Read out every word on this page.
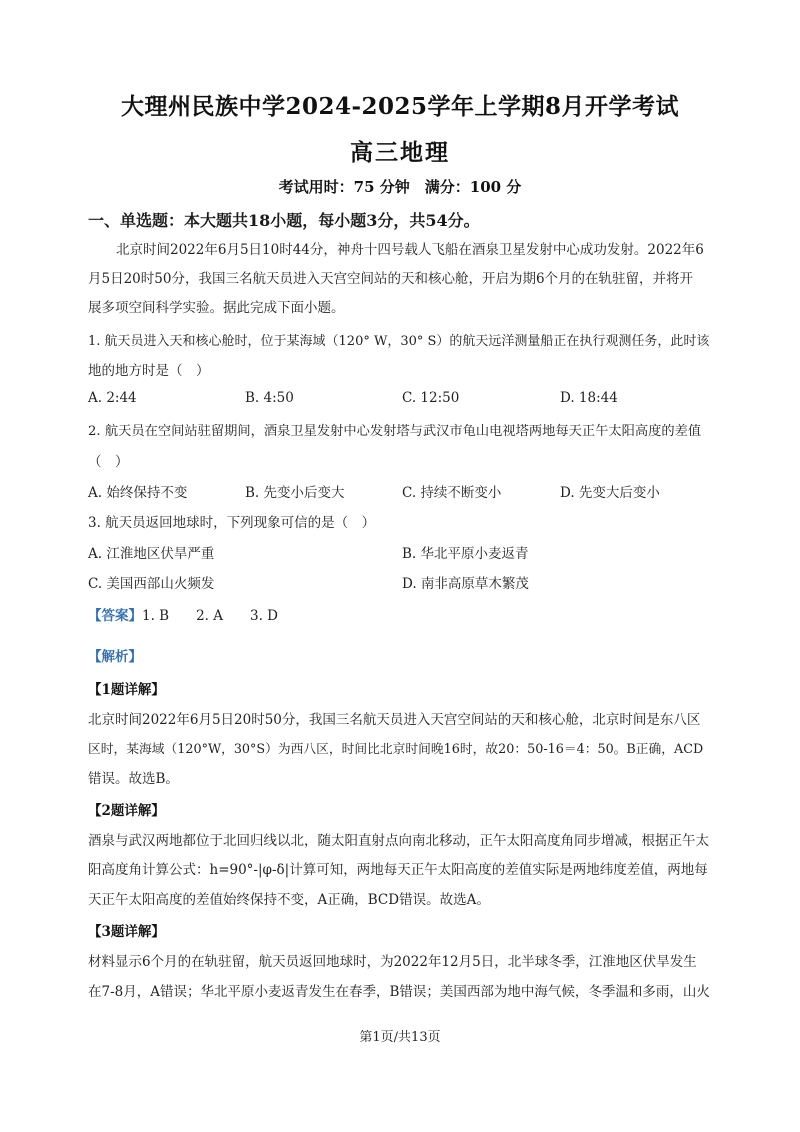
大理州民族中学2024-2025学年上学期8月开学考试
高三地理
考试用时：75 分钟　满分：100 分
一、单选题：本大题共18小题，每小题3分，共54分。
北京时间2022年6月5日10时44分，神舟十四号载人飞船在酒泉卫星发射中心成功发射。2022年6
月5日20时50分，我国三名航天员进入天宫空间站的天和核心舱，开启为期6个月的在轨驻留，并将开
展多项空间科学实验。据此完成下面小题。
1. 航天员进入天和核心舱时，位于某海域（120° W，30° S）的航天远洋测量船正在执行观测任务，此时该
地的地方时是（　）
A. 2:44	B. 4:50	C. 12:50	D. 18:44
2. 航天员在空间站驻留期间，酒泉卫星发射中心发射塔与武汉市龟山电视塔两地每天正午太阳高度的差值
（　）
A. 始终保持不变	B. 先变小后变大	C. 持续不断变小	D. 先变大后变小
3. 航天员返回地球时，下列现象可信的是（　）
A. 江淮地区伏旱严重	B. 华北平原小麦返青
C. 美国西部山火频发	D. 南非高原草木繁茂
【答案】1. B　　2. A　　3. D
【解析】
【1题详解】
北京时间2022年6月5日20时50分，我国三名航天员进入天宫空间站的天和核心舱，北京时间是东八区
区时，某海域（120°W，30°S）为西八区，时间比北京时间晚16时，故20：50-16＝4：50。B正确，ACD
错误。故选B。
【2题详解】
酒泉与武汉两地都位于北回归线以北，随太阳直射点向南北移动，正午太阳高度角同步增减，根据正午太
阳高度角计算公式：h=90°-|φ-δ|计算可知，两地每天正午太阳高度的差值实际是两地纬度差值，两地每
天正午太阳高度的差值始终保持不变，A正确，BCD错误。故选A。
【3题详解】
材料显示6个月的在轨驻留，航天员返回地球时，为2022年12月5日，北半球冬季，江淮地区伏旱发生
在7-8月，A错误；华北平原小麦返青发生在春季，B错误；美国西部为地中海气候，冬季温和多雨，山火
第1页/共13页
